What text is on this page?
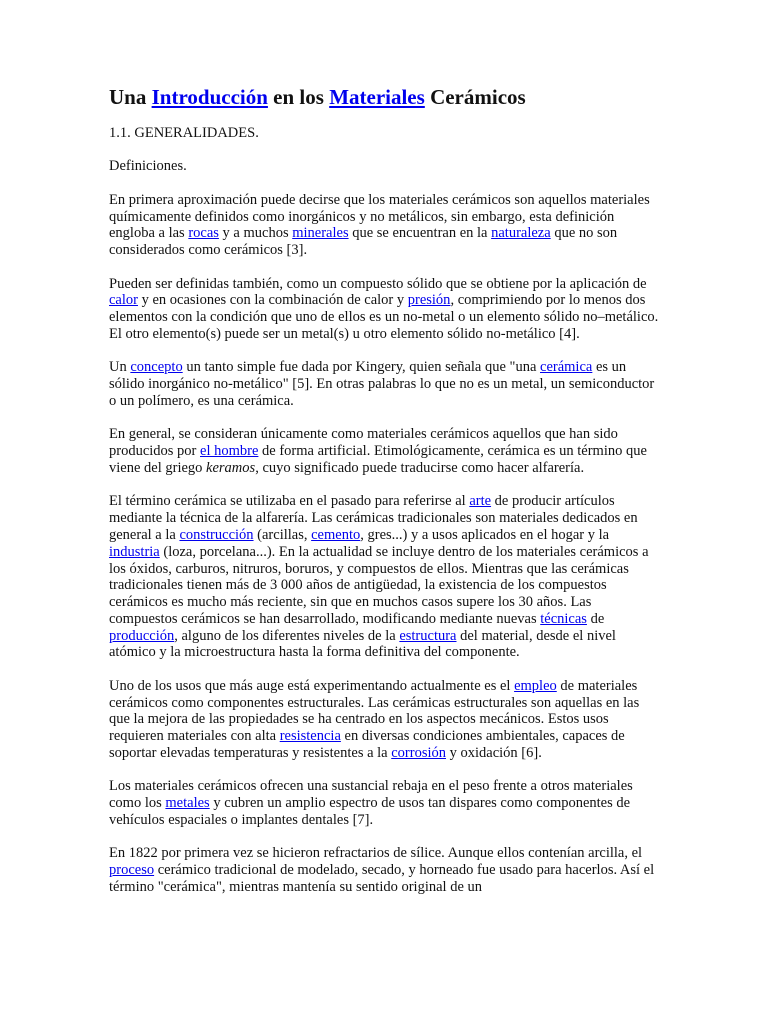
Una Introducción en los Materiales Cerámicos

1.1. GENERALIDADES.

Definiciones.

En primera aproximación puede decirse que los materiales cerámicos son aquellos materiales químicamente definidos como inorgánicos y no metálicos, sin embargo, esta definición engloba a las rocas y a muchos minerales que se encuentran en la naturaleza que no son considerados como cerámicos [3].

Pueden ser definidas también, como un compuesto sólido que se obtiene por la aplicación de calor y en ocasiones con la combinación de calor y presión, comprimiendo por lo menos dos elementos con la condición que uno de ellos es un no-metal o un elemento sólido no–metálico. El otro elemento(s) puede ser un metal(s) u otro elemento sólido no-metálico [4].

Un concepto un tanto simple fue dada por Kingery, quien señala que "una cerámica es un sólido inorgánico no-metálico" [5]. En otras palabras lo que no es un metal, un semiconductor o un polímero, es una cerámica.

En general, se consideran únicamente como materiales cerámicos aquellos que han sido producidos por el hombre de forma artificial. Etimológicamente, cerámica es un término que viene del griego keramos, cuyo significado puede traducirse como hacer alfarería.

El término cerámica se utilizaba en el pasado para referirse al arte de producir artículos mediante la técnica de la alfarería. Las cerámicas tradicionales son materiales dedicados en general a la construcción (arcillas, cemento, gres...) y a usos aplicados en el hogar y la industria (loza, porcelana...). En la actualidad se incluye dentro de los materiales cerámicos a los óxidos, carburos, nitruros, boruros, y compuestos de ellos. Mientras que las cerámicas tradicionales tienen más de 3 000 años de antigüedad, la existencia de los compuestos cerámicos es mucho más reciente, sin que en muchos casos supere los 30 años. Las compuestos cerámicos se han desarrollado, modificando mediante nuevas técnicas de producción, alguno de los diferentes niveles de la estructura del material, desde el nivel atómico y la microestructura hasta la forma definitiva del componente.

Uno de los usos que más auge está experimentando actualmente es el empleo de materiales cerámicos como componentes estructurales. Las cerámicas estructurales son aquellas en las que la mejora de las propiedades se ha centrado en los aspectos mecánicos. Estos usos requieren materiales con alta resistencia en diversas condiciones ambientales, capaces de soportar elevadas temperaturas y resistentes a la corrosión y oxidación [6].

Los materiales cerámicos ofrecen una sustancial rebaja en el peso frente a otros materiales como los metales y cubren un amplio espectro de usos tan dispares como componentes de vehículos espaciales o implantes dentales [7].

En 1822 por primera vez se hicieron refractarios de sílice. Aunque ellos contenían arcilla, el proceso cerámico tradicional de modelado, secado, y horneado fue usado para hacerlos. Así el término "cerámica", mientras mantenía su sentido original de un
